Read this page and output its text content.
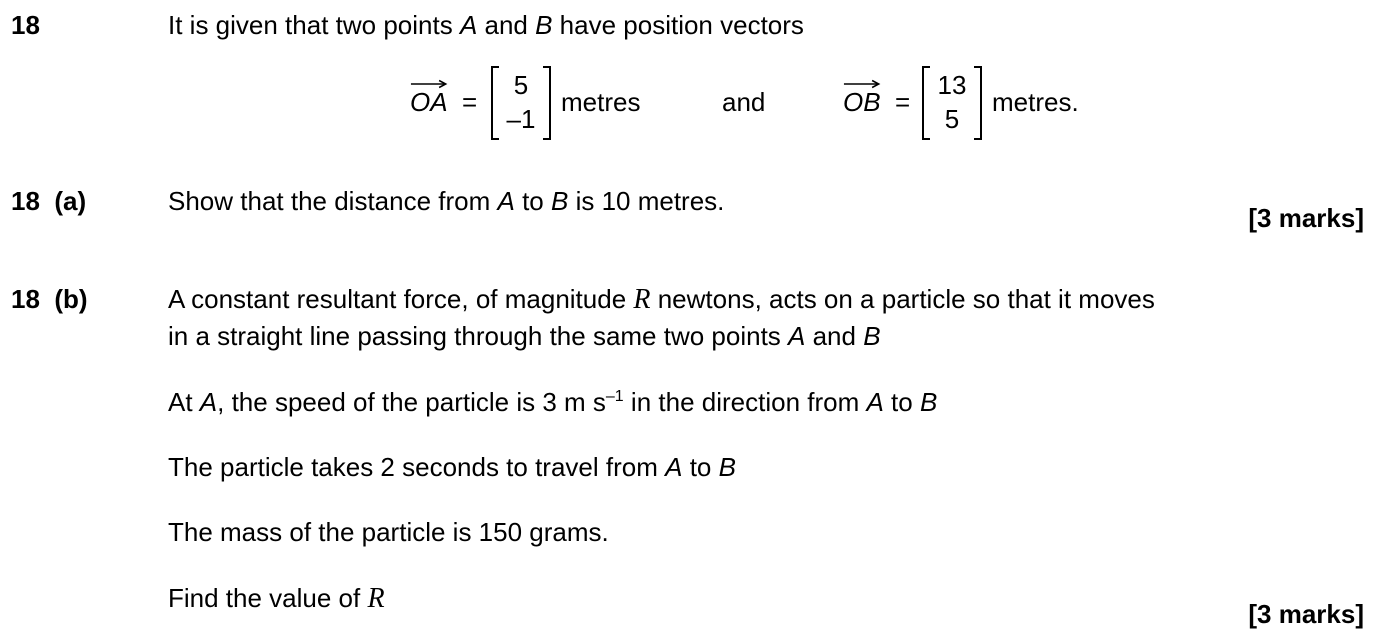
18	It is given that two points A and B have position vectors
OA =
5
–1
metres	and	OB =
13
5
metres.
18 (a)	Show that the distance from A to B is 10 metres.
[3 marks]
18 (b)	A constant resultant force, of magnitude R newtons, acts on a particle so that it moves
in a straight line passing through the same two points A and B
At A, the speed of the particle is 3 m $s^{-1}$ in the direction from A to B
The particle takes 2 seconds to travel from A to B
The mass of the particle is 150 grams.
Find the value of R	[3 marks]
